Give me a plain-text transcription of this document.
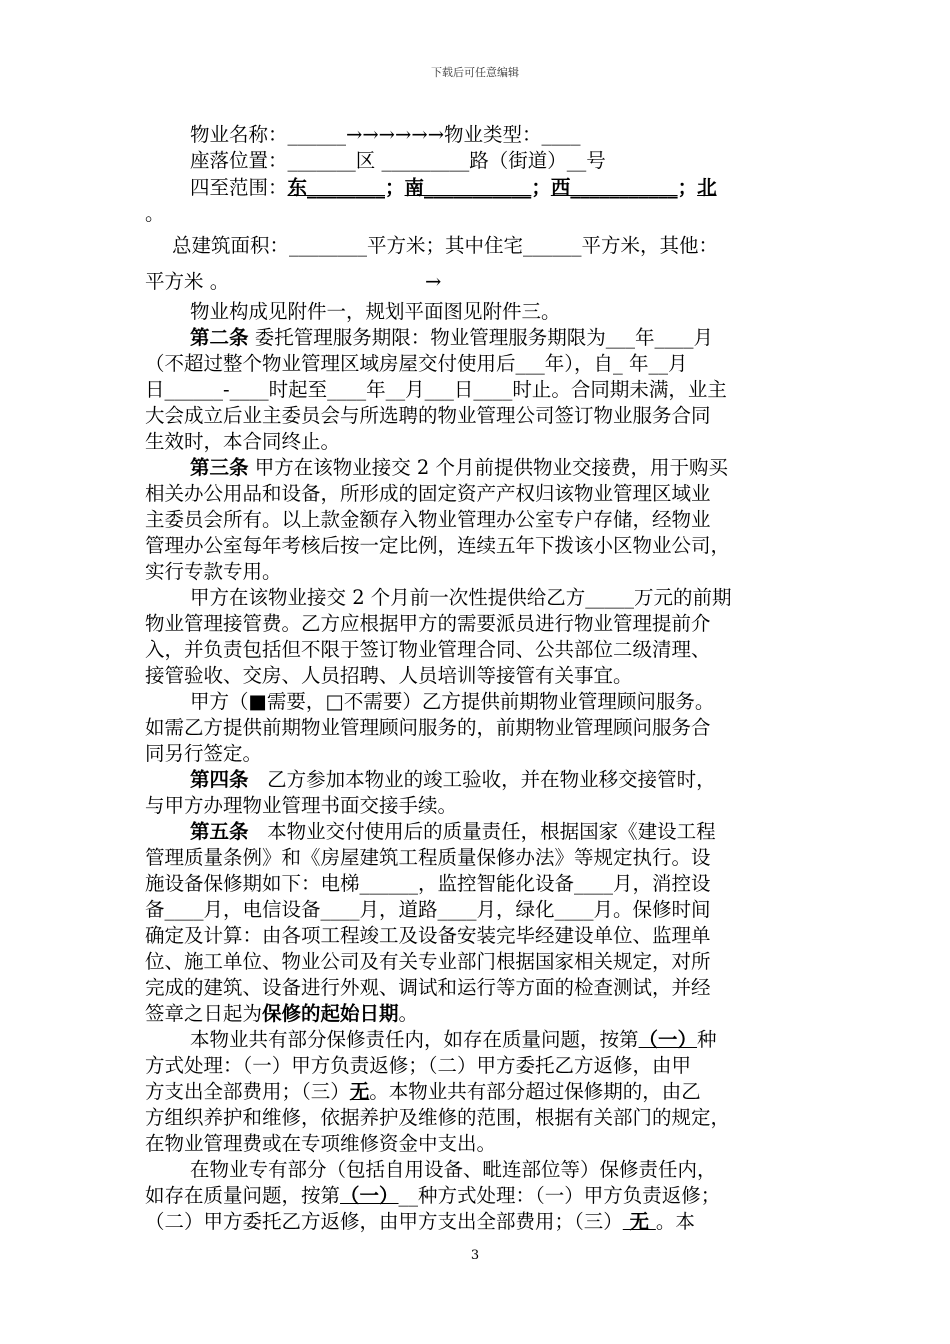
下载后可任意编辑
物业名称：______→→→→→→物业类型：____
座落位置：_______区 _________路（街道）__号
四至范围：东________；南___________；西___________；北
。
总建筑面积：________平方米；其中住宅______平方米，其他：
平方米 。	→
物业构成见附件一，规划平面图见附件三。
第二条 委托管理服务期限：物业管理服务期限为___年____月
（不超过整个物业管理区域房屋交付使用后___年），自_ 年__月
日______-____时起至____年__月___日____时止。合同期未满，业主
大会成立后业主委员会与所选聘的物业管理公司签订物业服务合同
生效时，本合同终止。
第三条 甲方在该物业接交 2 个月前提供物业交接费，用于购买
相关办公用品和设备，所形成的固定资产产权归该物业管理区域业
主委员会所有。以上款金额存入物业管理办公室专户存储，经物业
管理办公室每年考核后按一定比例，连续五年下拨该小区物业公司，
实行专款专用。
甲方在该物业接交 2 个月前一次性提供给乙方_____万元的前期
物业管理接管费。乙方应根据甲方的需要派员进行物业管理提前介
入，并负责包括但不限于签订物业管理合同、公共部位二级清理、
接管验收、交房、人员招聘、人员培训等接管有关事宜。
甲方（■需要，□不需要）乙方提供前期物业管理顾问服务。
如需乙方提供前期物业管理顾问服务的，前期物业管理顾问服务合
同另行签定。
第四条   乙方参加本物业的竣工验收，并在物业移交接管时，
与甲方办理物业管理书面交接手续。
第五条   本物业交付使用后的质量责任，根据国家《建设工程
管理质量条例》和《房屋建筑工程质量保修办法》等规定执行。设
施设备保修期如下：电梯______，监控智能化设备____月，消控设
备____月，电信设备____月，道路____月，绿化____月。保修时间
确定及计算：由各项工程竣工及设备安装完毕经建设单位、监理单
位、施工单位、物业公司及有关专业部门根据国家相关规定，对所
完成的建筑、设备进行外观、调试和运行等方面的检查测试，并经
签章之日起为保修的起始日期。
本物业共有部分保修责任内，如存在质量问题，按第（一）种
方式处理：（一）甲方负责返修；（二）甲方委托乙方返修，由甲
方支出全部费用；（三）无。本物业共有部分超过保修期的，由乙
方组织养护和维修，依据养护及维修的范围，根据有关部门的规定，
在物业管理费或在专项维修资金中支出。
在物业专有部分（包括自用设备、毗连部位等）保修责任内，
如存在质量问题，按第（一）__种方式处理：（一）甲方负责返修；
（二）甲方委托乙方返修，由甲方支出全部费用；（三） 无 。本
3
